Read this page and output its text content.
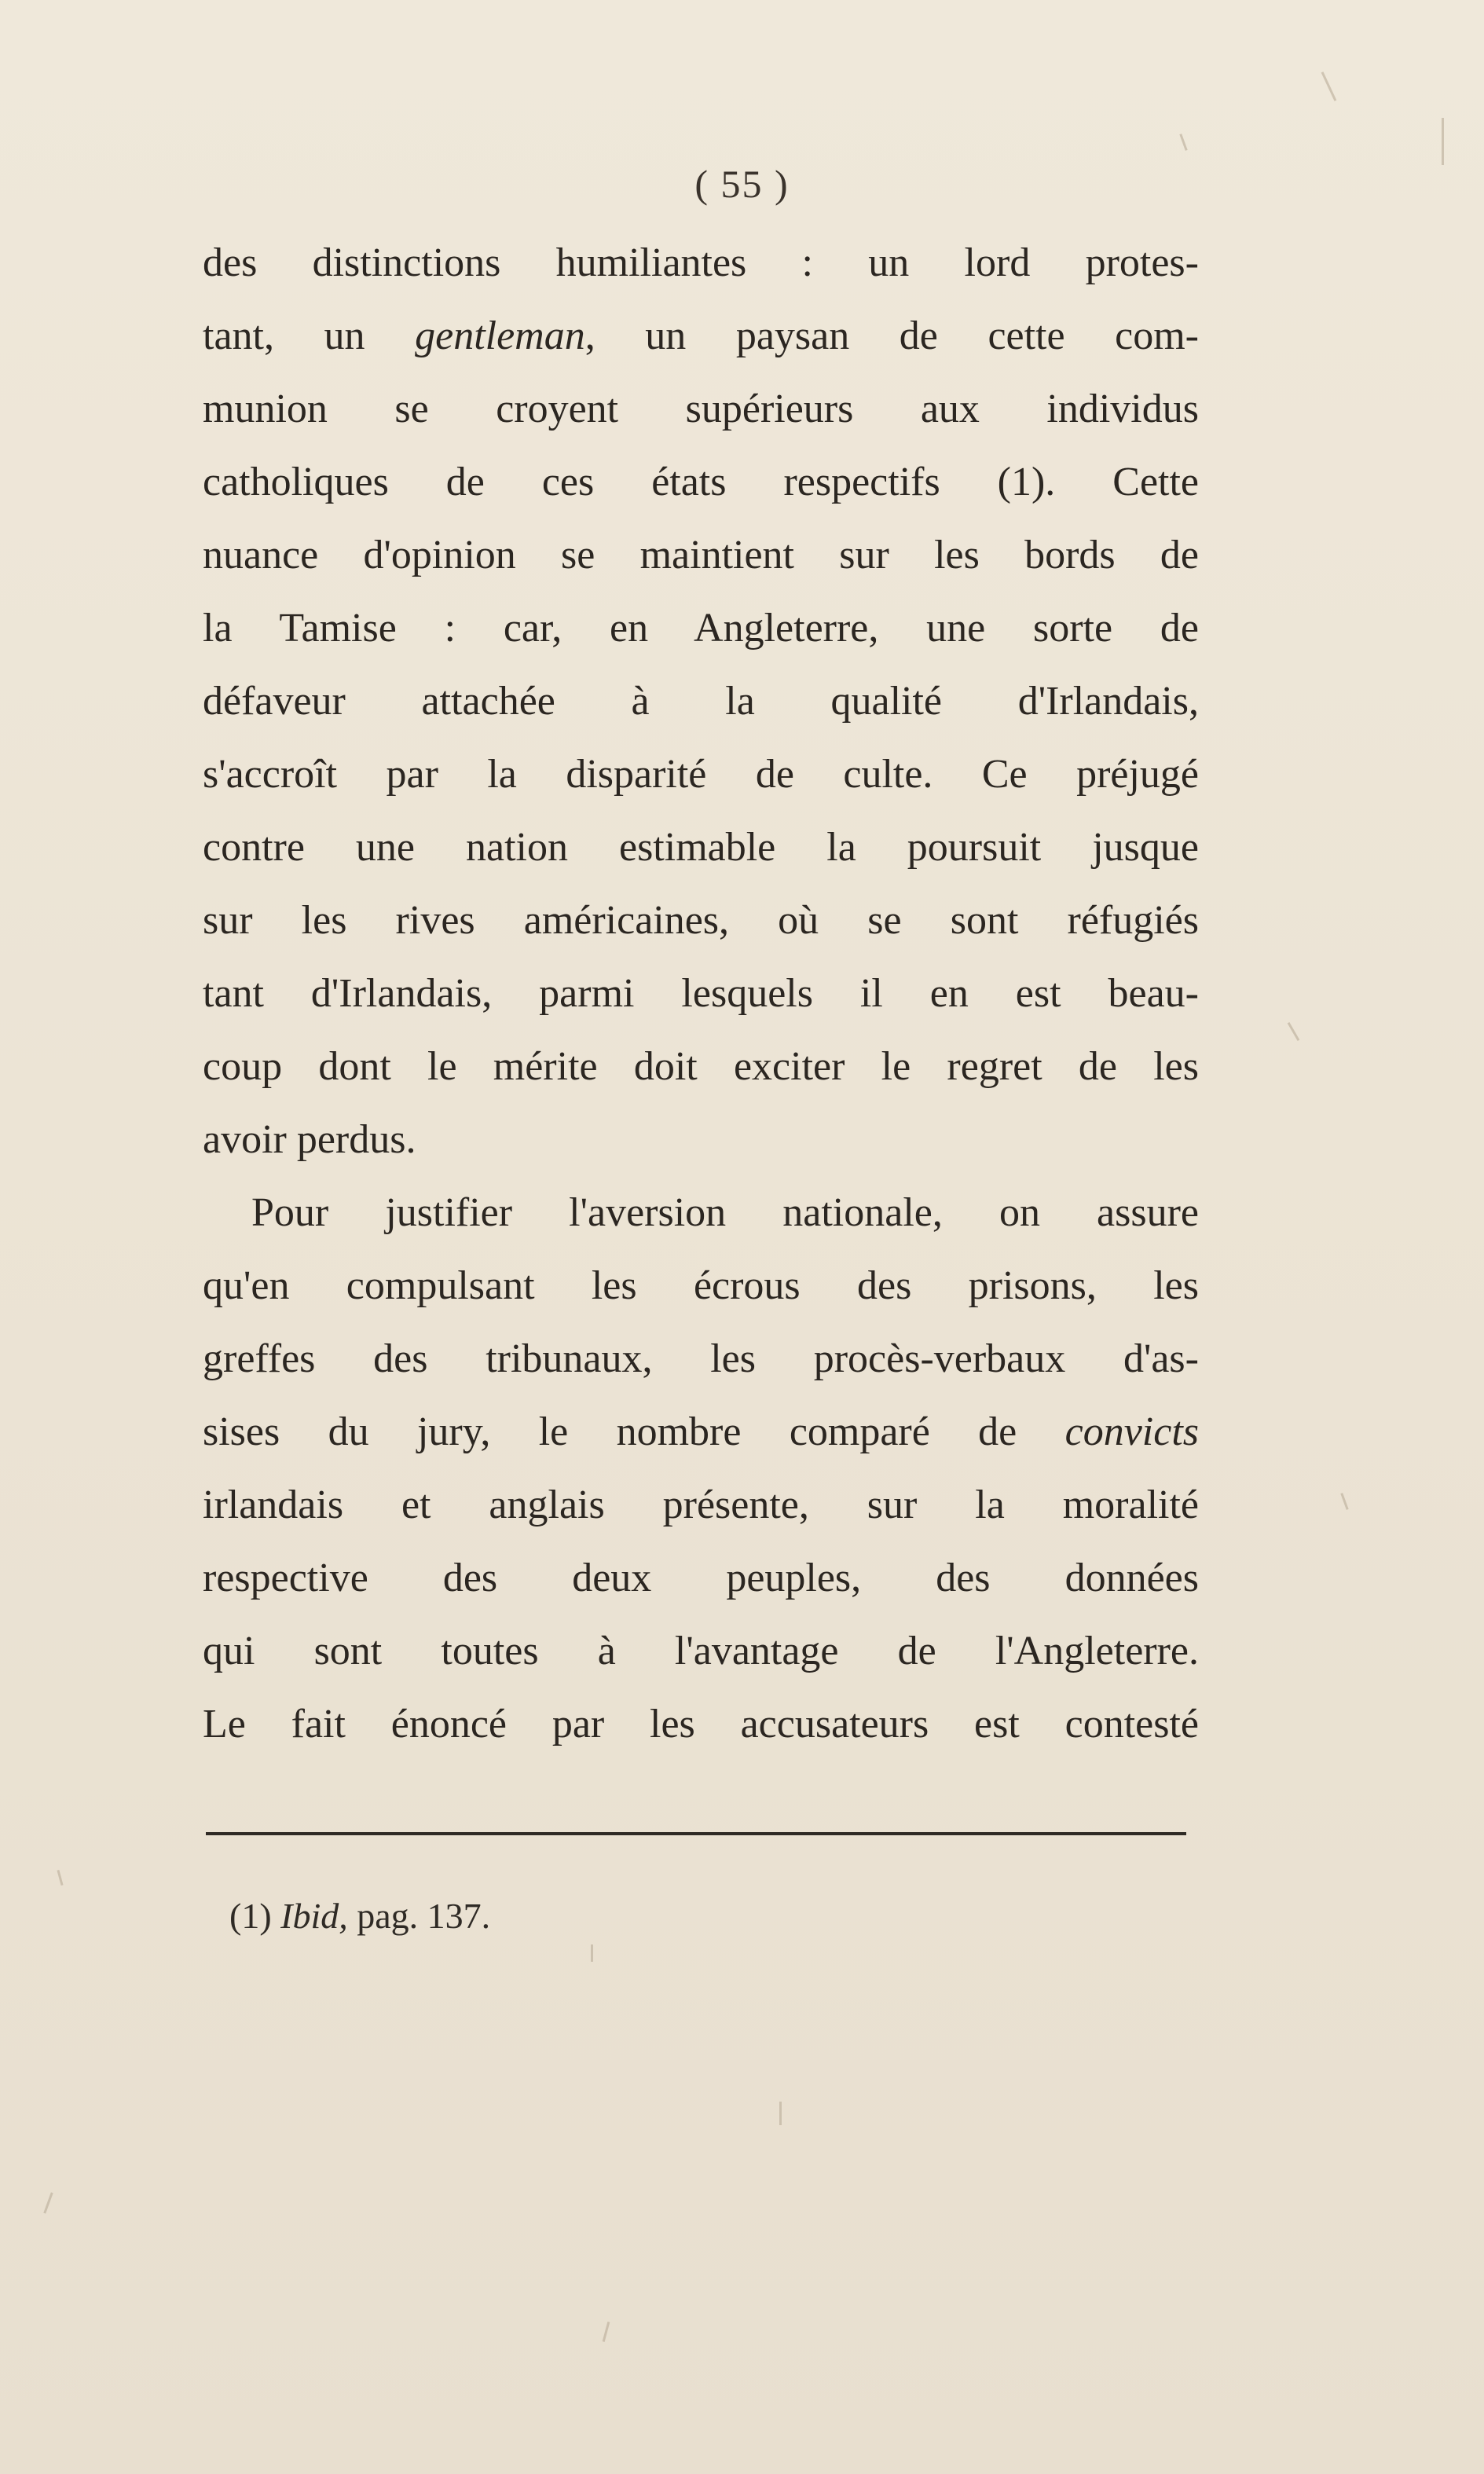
( 55 )
des distinctions humiliantes : un lord protes-
tant, un gentleman, un paysan de cette com-
munion se croyent supérieurs aux individus
catholiques de ces états respectifs (1). Cette
nuance d'opinion se maintient sur les bords de
la Tamise : car, en Angleterre, une sorte de
défaveur attachée à la qualité d'Irlandais,
s'accroît par la disparité de culte. Ce préjugé
contre une nation estimable la poursuit jusque
sur les rives américaines, où se sont réfugiés
tant d'Irlandais, parmi lesquels il en est beau-
coup dont le mérite doit exciter le regret de les
avoir perdus.
Pour justifier l'aversion nationale, on assure
qu'en compulsant les écrous des prisons, les
greffes des tribunaux, les procès-verbaux d'as-
sises du jury, le nombre comparé de convicts
irlandais et anglais présente, sur la moralité
respective des deux peuples, des données
qui sont toutes à l'avantage de l'Angleterre.
Le fait énoncé par les accusateurs est contesté
(1) Ibid, pag. 137.
